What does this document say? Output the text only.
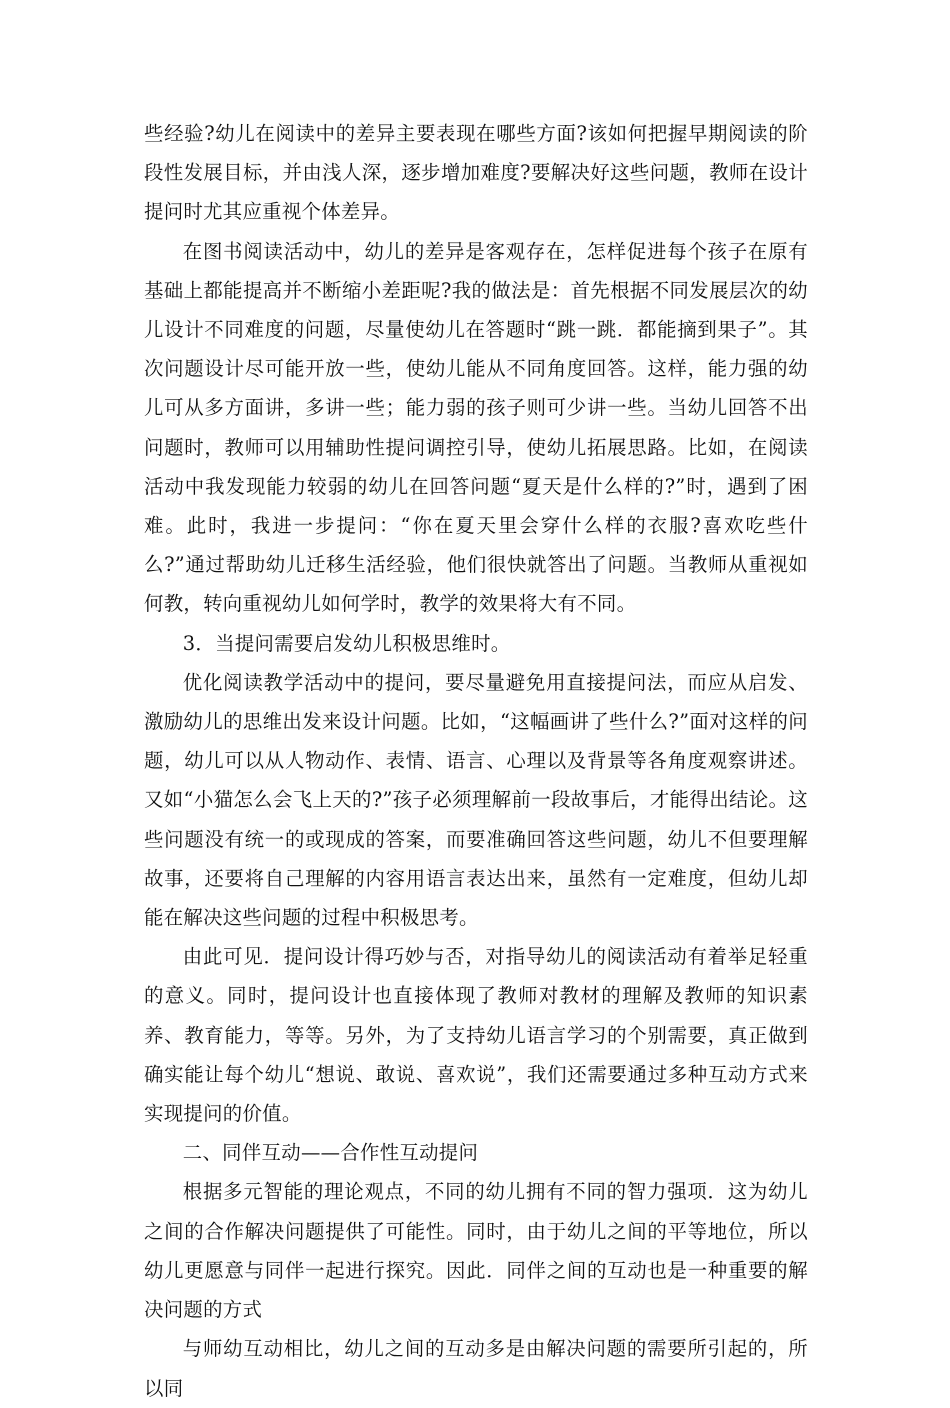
些经验?幼儿在阅读中的差异主要表现在哪些方面?该如何把握早期阅读的阶段性发展目标，并由浅人深，逐步增加难度?要解决好这些问题，教师在设计提问时尤其应重视个体差异。

在图书阅读活动中，幼儿的差异是客观存在，怎样促进每个孩子在原有基础上都能提高并不断缩小差距呢?我的做法是：首先根据不同发展层次的幼儿设计不同难度的问题，尽量使幼儿在答题时“跳一跳．都能摘到果子”。其次问题设计尽可能开放一些，使幼儿能从不同角度回答。这样，能力强的幼儿可从多方面讲，多讲一些；能力弱的孩子则可少讲一些。当幼儿回答不出问题时，教师可以用辅助性提问调控引导，使幼儿拓展思路。比如，在阅读活动中我发现能力较弱的幼儿在回答问题“夏天是什么样的?”时，遇到了困难。此时，我进一步提问：“你在夏天里会穿什么样的衣服?喜欢吃些什么?”通过帮助幼儿迁移生活经验，他们很快就答出了问题。当教师从重视如何教，转向重视幼儿如何学时，教学的效果将大有不同。

3．当提问需要启发幼儿积极思维时。

优化阅读教学活动中的提问，要尽量避免用直接提问法，而应从启发、激励幼儿的思维出发来设计问题。比如，“这幅画讲了些什么?”面对这样的问题，幼儿可以从人物动作、表情、语言、心理以及背景等各角度观察讲述。又如“小猫怎么会飞上天的?”孩子必须理解前一段故事后，才能得出结论。这些问题没有统一的或现成的答案，而要准确回答这些问题，幼儿不但要理解故事，还要将自己理解的内容用语言表达出来，虽然有一定难度，但幼儿却能在解决这些问题的过程中积极思考。

由此可见．提问设计得巧妙与否，对指导幼儿的阅读活动有着举足轻重的意义。同时，提问设计也直接体现了教师对教材的理解及教师的知识素养、教育能力，等等。另外，为了支持幼儿语言学习的个别需要，真正做到确实能让每个幼儿“想说、敢说、喜欢说”，我们还需要通过多种互动方式来实现提问的价值。

二、同伴互动——合作性互动提问

根据多元智能的理论观点，不同的幼儿拥有不同的智力强项．这为幼儿之间的合作解决问题提供了可能性。同时，由于幼儿之间的平等地位，所以幼儿更愿意与同伴一起进行探究。因此．同伴之间的互动也是一种重要的解决问题的方式

与师幼互动相比，幼儿之间的互动多是由解决问题的需要所引起的，所以同
